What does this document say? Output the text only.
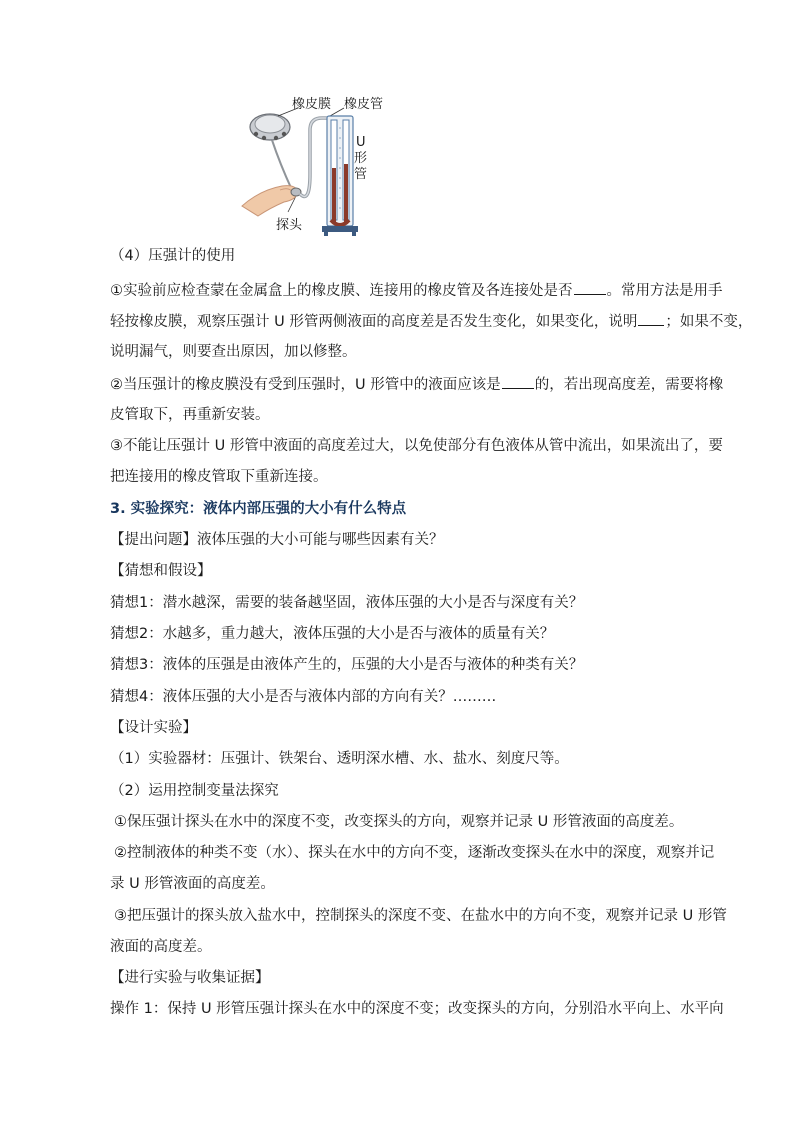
橡皮膜 橡皮管
U
形
管
探头
（4）压强计的使用
①实验前应检查蒙在金属盒上的橡皮膜、连接用的橡皮管及各连接处是否 。常用方法是用手
轻按橡皮膜，观察压强计 U 形管两侧液面的高度差是否发生变化，如果变化，说明 ；如果不变，
说明漏气，则要查出原因，加以修整。
②当压强计的橡皮膜没有受到压强时，U 形管中的液面应该是 的，若出现高度差，需要将橡
皮管取下，再重新安装。
③不能让压强计 U 形管中液面的高度差过大，以免使部分有色液体从管中流出，如果流出了，要
把连接用的橡皮管取下重新连接。
3. 实验探究：液体内部压强的大小有什么特点
【提出问题】液体压强的大小可能与哪些因素有关？
【猜想和假设】
猜想1：潜水越深，需要的装备越坚固，液体压强的大小是否与深度有关？
猜想2：水越多，重力越大，液体压强的大小是否与液体的质量有关？
猜想3：液体的压强是由液体产生的，压强的大小是否与液体的种类有关？
猜想4：液体压强的大小是否与液体内部的方向有关？………
【设计实验】
（1）实验器材：压强计、铁架台、透明深水槽、水、盐水、刻度尺等。
（2）运用控制变量法探究
①保压强计探头在水中的深度不变，改变探头的方向，观察并记录 U 形管液面的高度差。
②控制液体的种类不变（水）、探头在水中的方向不变，逐渐改变探头在水中的深度，观察并记
录 U 形管液面的高度差。
③把压强计的探头放入盐水中，控制探头的深度不变、在盐水中的方向不变，观察并记录 U 形管
液面的高度差。
【进行实验与收集证据】
操作 1：保持 U 形管压强计探头在水中的深度不变；改变探头的方向，分别沿水平向上、水平向
